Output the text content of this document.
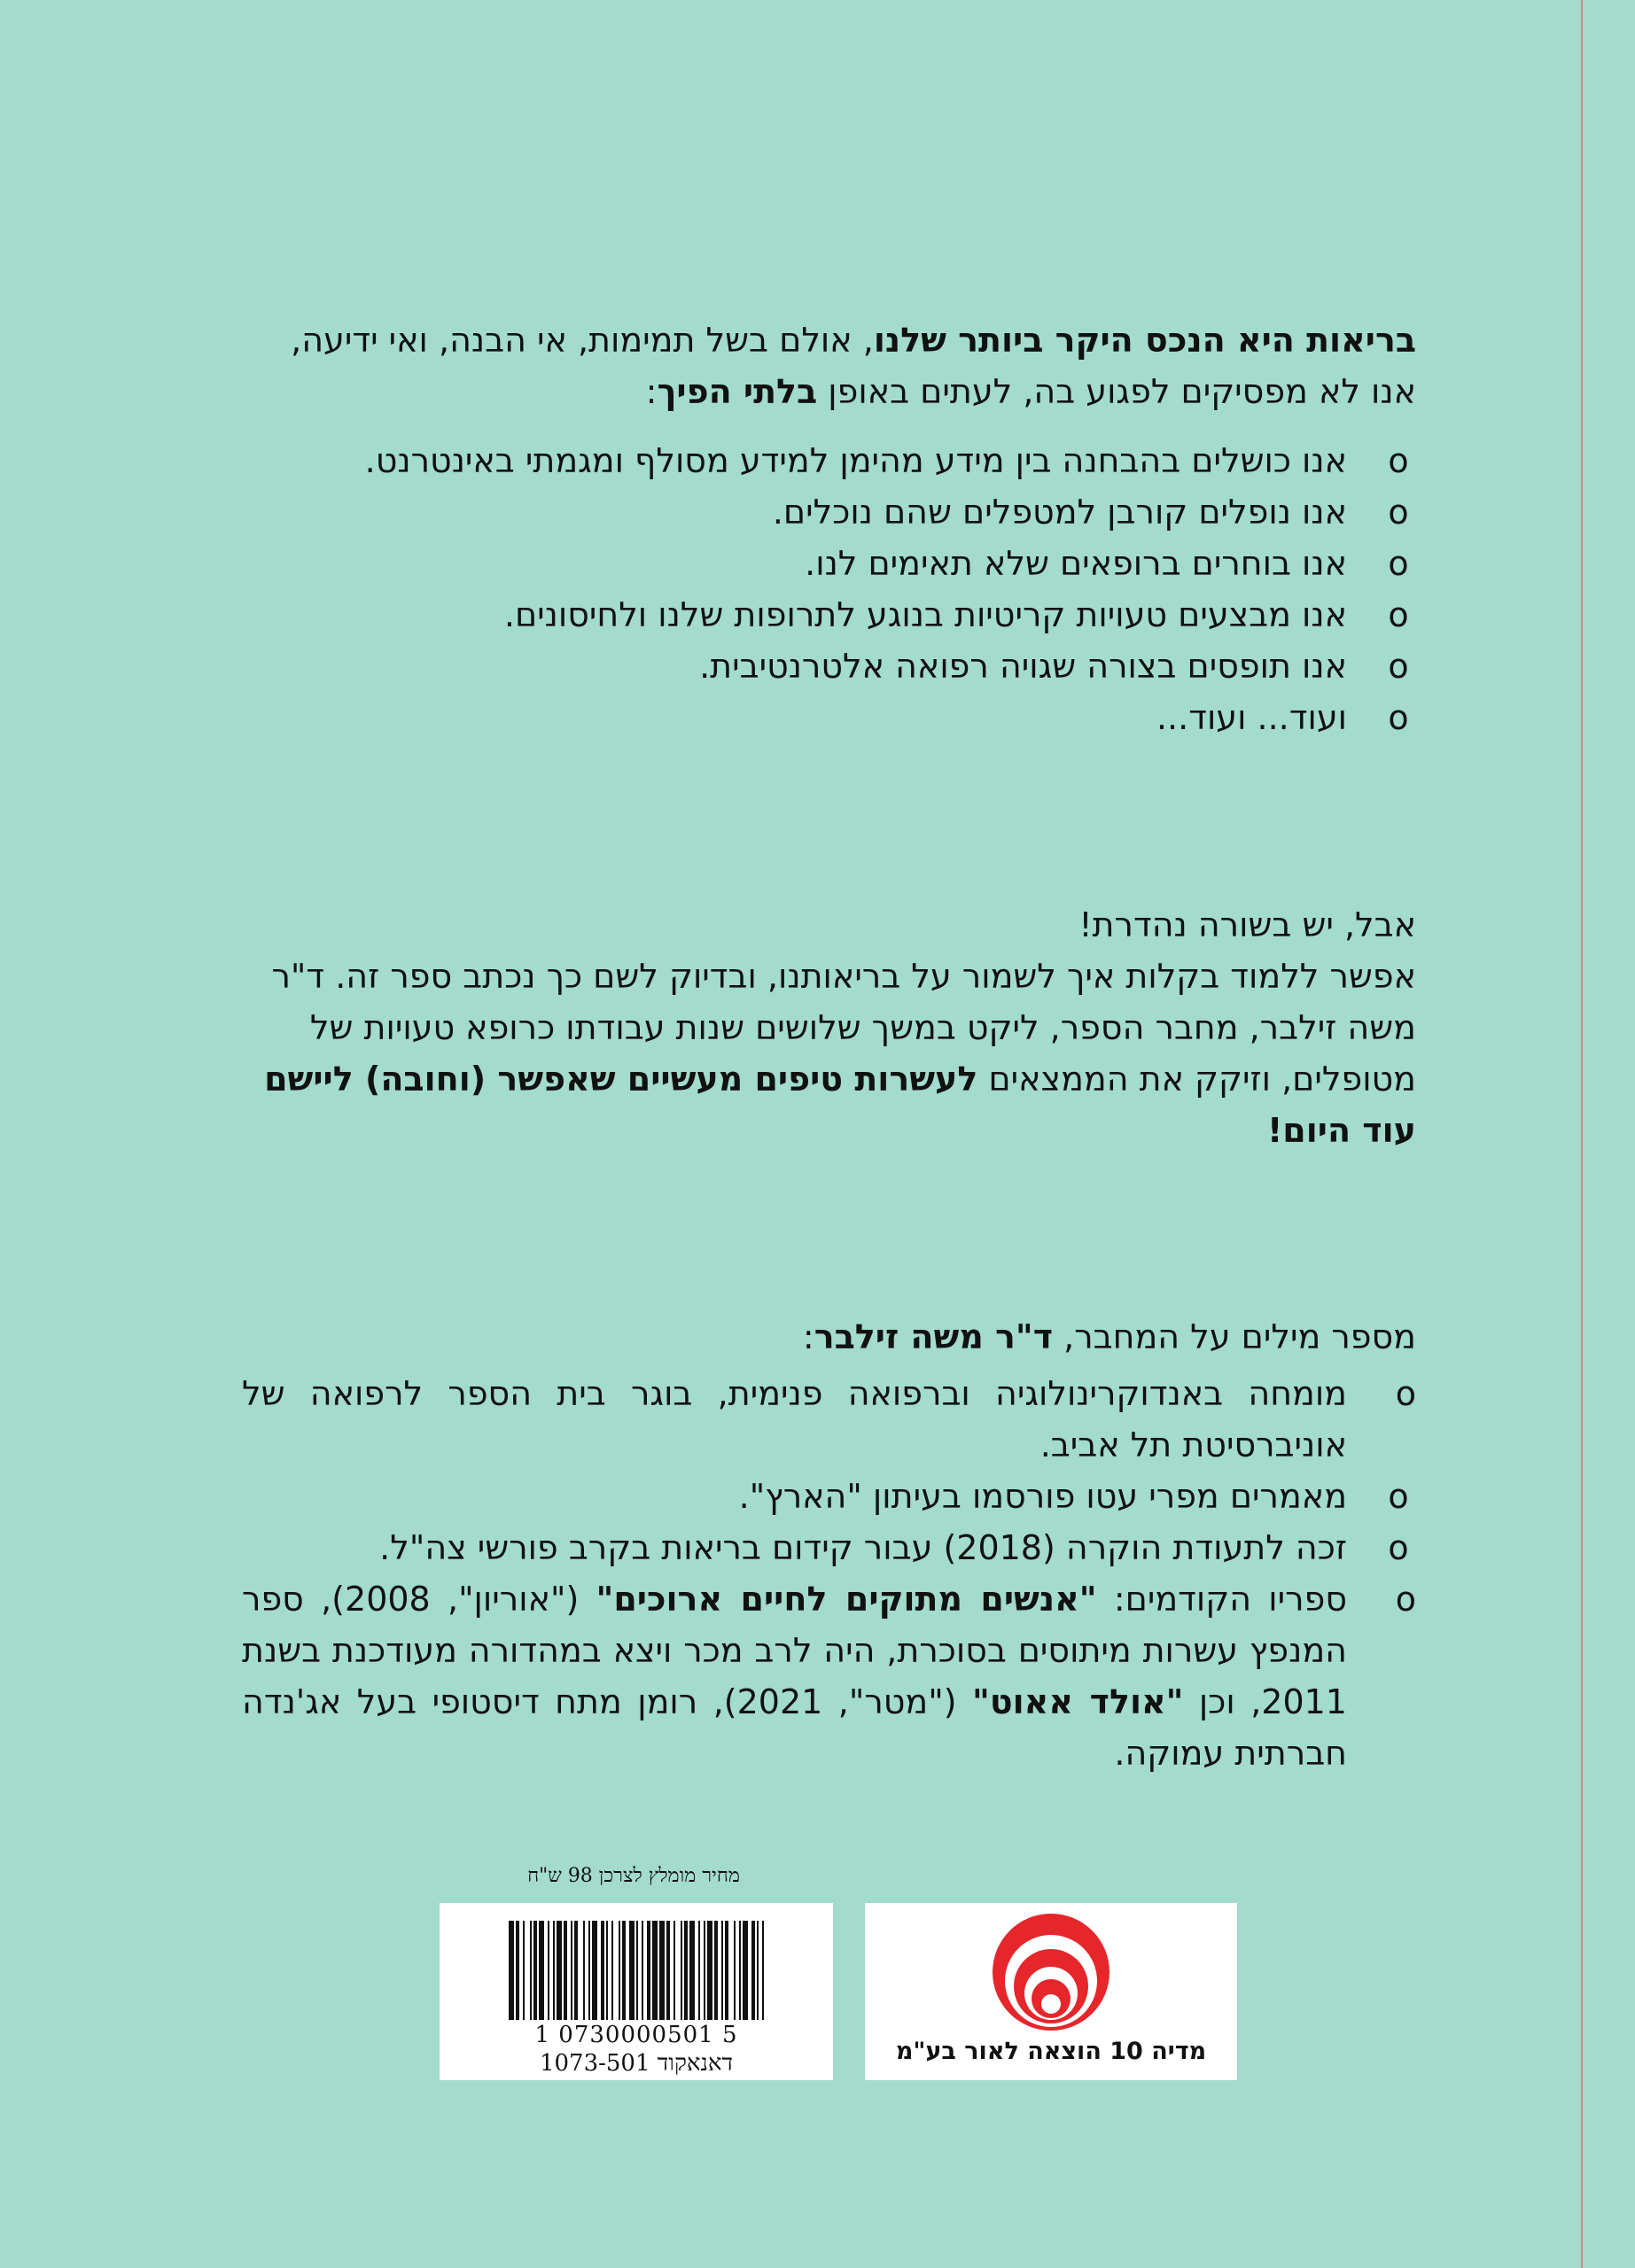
בריאות היא הנכס היקר ביותר שלנו, אולם בשל תמימות, אי הבנה, ואי ידיעה, אנו לא מפסיקים לפגוע בה, לעתים באופן בלתי הפיך:

o
אנו כושלים בהבחנה בין מידע מהימן למידע מסולף ומגמתי באינטרנט.
o
אנו נופלים קורבן למטפלים שהם נוכלים.
o
אנו בוחרים ברופאים שלא תאימים לנו.
o
אנו מבצעים טעויות קריטיות בנוגע לתרופות שלנו ולחיסונים.
o
אנו תופסים בצורה שגויה רפואה אלטרנטיבית.
o
ועוד... ועוד...

אבל, יש בשורה נהדרת!

אפשר ללמוד בקלות איך לשמור על בריאותנו, ובדיוק לשם כך נכתב ספר זה. ד"ר משה זילבר, מחבר הספר, ליקט במשך שלושים שנות עבודתו כרופא טעויות של מטופלים, וזיקק את הממצאים לעשרות טיפים מעשיים שאפשר (וחובה) ליישם עוד היום!

מספר מילים על המחבר, ד"ר משה זילבר:

o
מומחה באנדוקרינולוגיה וברפואה פנימית, בוגר בית הספר לרפואה של אוניברסיטת תל אביב.
o
מאמרים מפרי עטו פורסמו בעיתון "הארץ".
o
זכה לתעודת הוקרה (2018) עבור קידום בריאות בקרב פורשי צה"ל.
o
ספריו הקודמים: "אנשים מתוקים לחיים ארוכים" ("אוריון", 2008), ספר המנפץ עשרות מיתוסים בסוכרת, היה לרב מכר ויצא במהדורה מעודכנת בשנת 2011, וכן "אולד אאוט" ("מטר", 2021), רומן מתח דיסטופי בעל אג'נדה חברתית עמוקה.
מחיר מומלץ לצרכן 98 ש"ח
1 0730000501 5
דאנאקוד 1073-501	מדיה 10 הוצאה לאור בע"מ
